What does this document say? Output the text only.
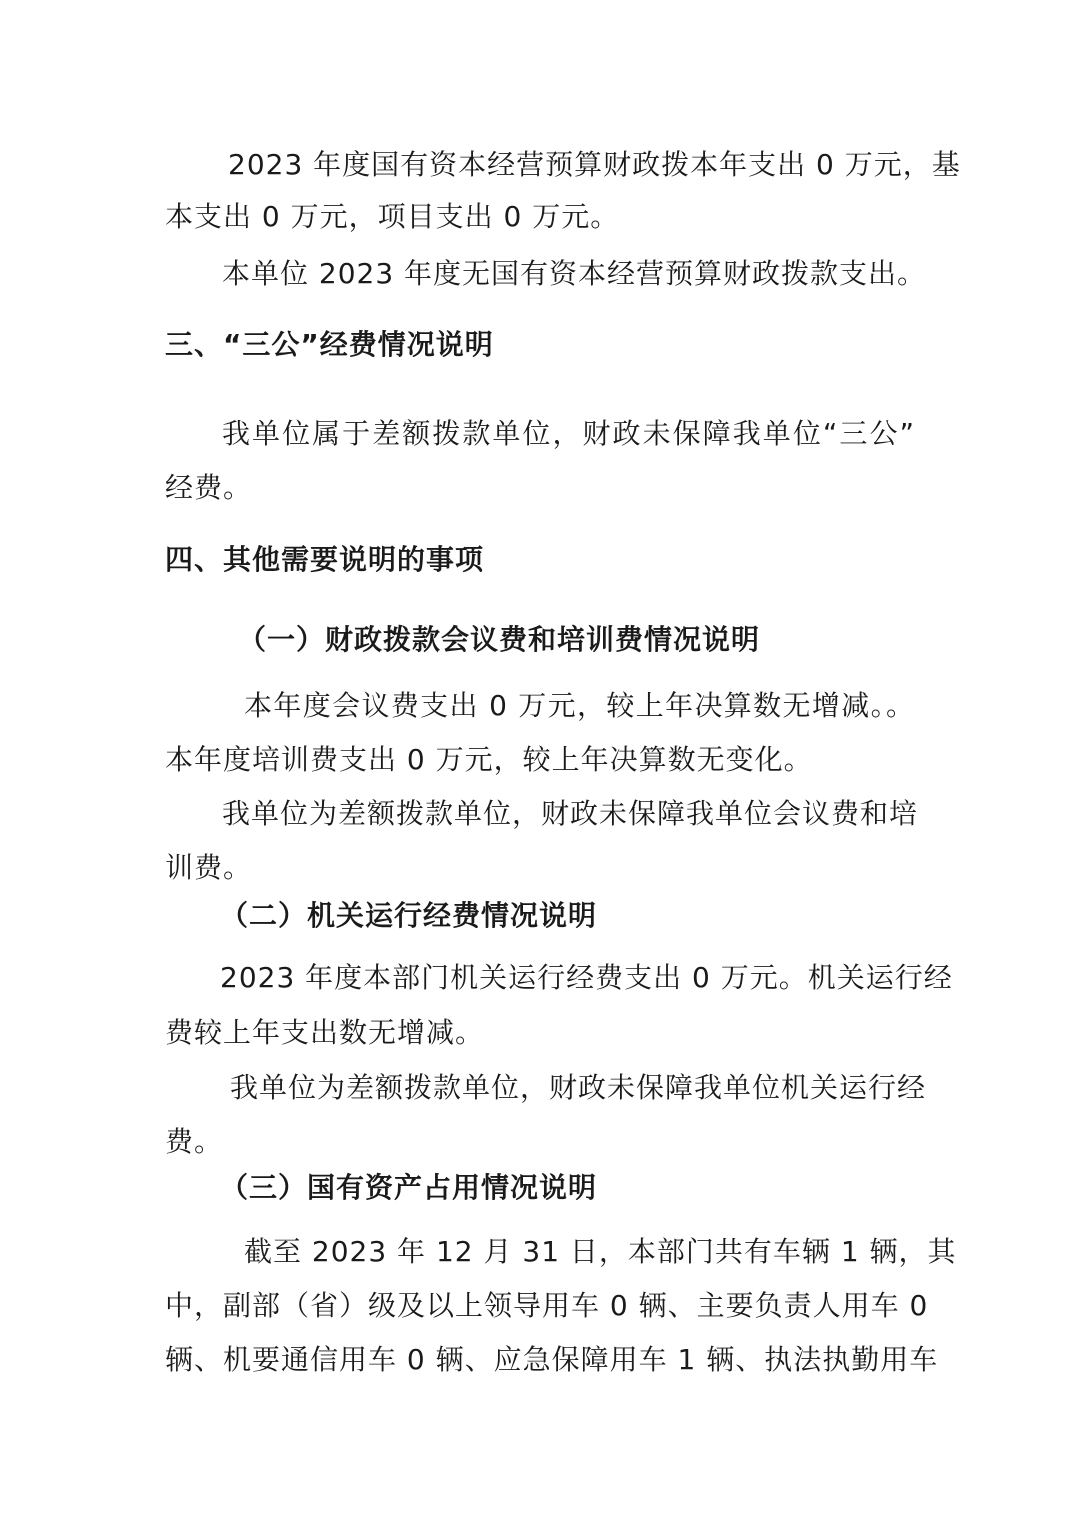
2023 年度国有资本经营预算财政拨本年支出 0 万元，基
本支出 0 万元，项目支出 0 万元。
本单位 2023 年度无国有资本经营预算财政拨款支出。
三、“三公”经费情况说明
我单位属于差额拨款单位，财政未保障我单位“三公”
经费。
四、其他需要说明的事项
（一）财政拨款会议费和培训费情况说明
本年度会议费支出 0 万元，较上年决算数无增减。。
本年度培训费支出 0 万元，较上年决算数无变化。
我单位为差额拨款单位，财政未保障我单位会议费和培
训费。
（二）机关运行经费情况说明
2023 年度本部门机关运行经费支出 0 万元。机关运行经
费较上年支出数无增减。
我单位为差额拨款单位，财政未保障我单位机关运行经
费。
（三）国有资产占用情况说明
截至 2023 年 12 月 31 日，本部门共有车辆 1 辆，其
中，副部（省）级及以上领导用车 0 辆、主要负责人用车 0
辆、机要通信用车 0 辆、应急保障用车 1 辆、执法执勤用车
